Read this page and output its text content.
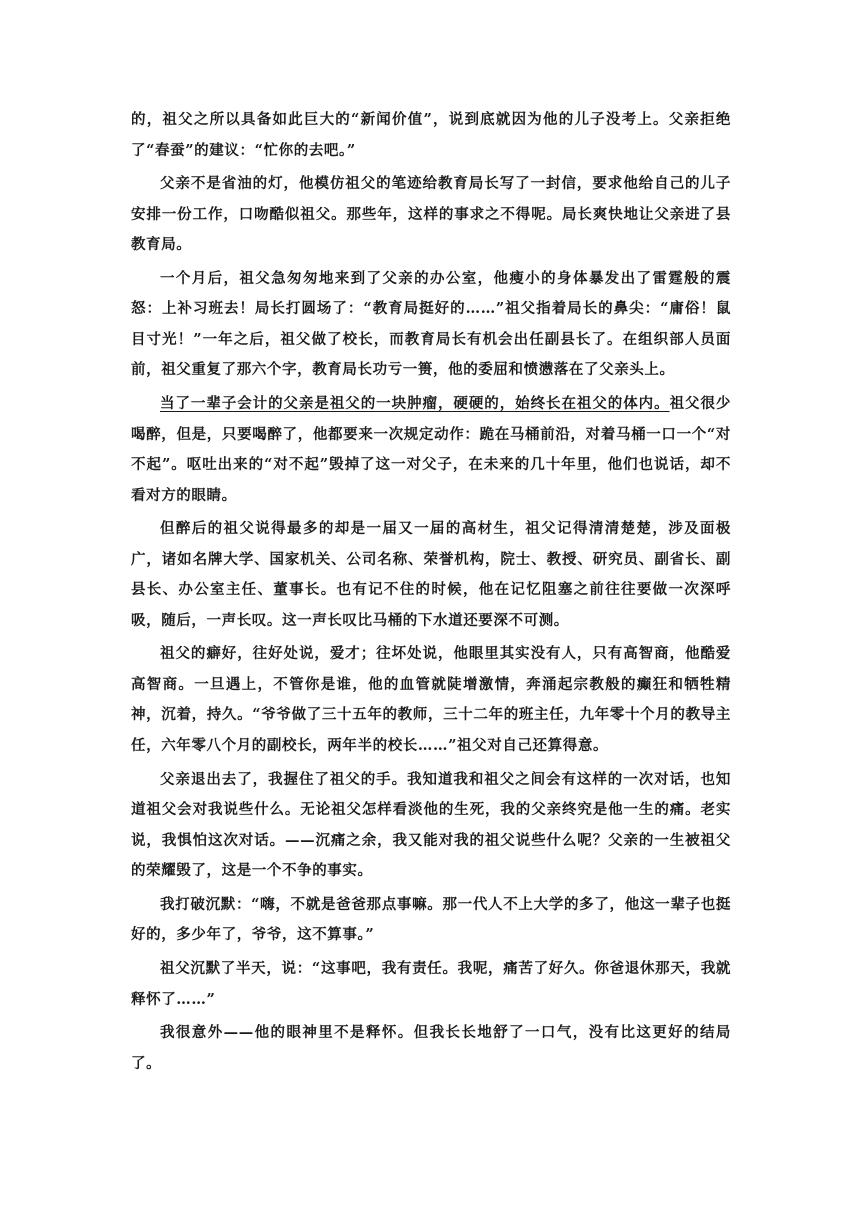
的，祖父之所以具备如此巨大的“新闻价值”，说到底就因为他的儿子没考上。父亲拒绝了“春蚕”的建议：“忙你的去吧。”

父亲不是省油的灯，他模仿祖父的笔迹给教育局长写了一封信，要求他给自己的儿子安排一份工作，口吻酷似祖父。那些年，这样的事求之不得呢。局长爽快地让父亲进了县教育局。

一个月后，祖父急匆匆地来到了父亲的办公室，他瘦小的身体暴发出了雷霆般的震怒：上补习班去！局长打圆场了：“教育局挺好的……”祖父指着局长的鼻尖：“庸俗！鼠目寸光！”一年之后，祖父做了校长，而教育局长有机会出任副县长了。在组织部人员面前，祖父重复了那六个字，教育局长功亏一篑，他的委屈和愤懑落在了父亲头上。

当了一辈子会计的父亲是祖父的一块肿瘤，硬硬的，始终长在祖父的体内。祖父很少喝醉，但是，只要喝醉了，他都要来一次规定动作：跪在马桶前沿，对着马桶一口一个“对不起”。呕吐出来的“对不起”毁掉了这一对父子，在未来的几十年里，他们也说话，却不看对方的眼睛。

但醉后的祖父说得最多的却是一届又一届的高材生，祖父记得清清楚楚，涉及面极广，诸如名牌大学、国家机关、公司名称、荣誉机构，院士、教授、研究员、副省长、副县长、办公室主任、董事长。也有记不住的时候，他在记忆阻塞之前往往要做一次深呼吸，随后，一声长叹。这一声长叹比马桶的下水道还要深不可测。

祖父的癖好，往好处说，爱才；往坏处说，他眼里其实没有人，只有高智商，他酷爱高智商。一旦遇上，不管你是谁，他的血管就陡增激情，奔涌起宗教般的癫狂和牺牲精神，沉着，持久。“爷爷做了三十五年的教师，三十二年的班主任，九年零十个月的教导主任，六年零八个月的副校长，两年半的校长……”祖父对自己还算得意。

父亲退出去了，我握住了祖父的手。我知道我和祖父之间会有这样的一次对话，也知道祖父会对我说些什么。无论祖父怎样看淡他的生死，我的父亲终究是他一生的痛。老实说，我惧怕这次对话。——沉痛之余，我又能对我的祖父说些什么呢？父亲的一生被祖父的荣耀毁了，这是一个不争的事实。

我打破沉默：“嗨，不就是爸爸那点事嘛。那一代人不上大学的多了，他这一辈子也挺好的，多少年了，爷爷，这不算事。”

祖父沉默了半天，说：“这事吧，我有责任。我呢，痛苦了好久。你爸退休那天，我就释怀了……”

我很意外——他的眼神里不是释怀。但我长长地舒了一口气，没有比这更好的结局了。
